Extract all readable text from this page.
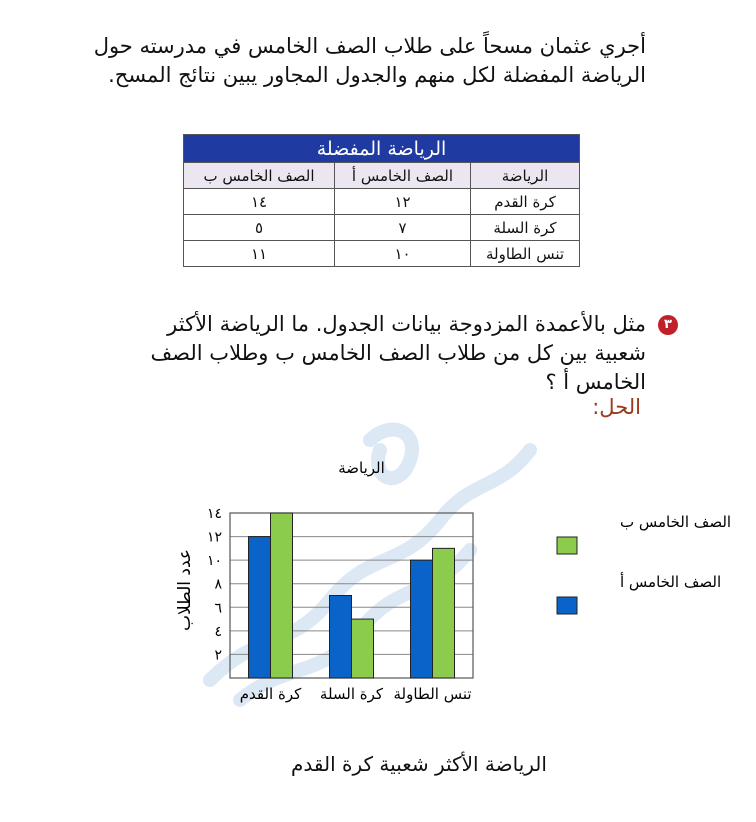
أجري عثمان مسحاً على طلاب الصف الخامس في مدرسته حول الرياضة المفضلة لكل منهم والجدول المجاور يبين نتائج المسح.
الرياضة المفضلة		
الرياضة	الصف الخامس أ	الصف الخامس ب
كرة القدم	١٢	١٤
كرة السلة	٧	٥
تنس الطاولة	١٠	١١
٣
مثل بالأعمدة المزدوجة بيانات الجدول. ما الرياضة الأكثر شعبية بين كل من طلاب الصف الخامس ب وطلاب الصف الخامس أ ؟
الحل:
الرياضة
٢
٤
٦
٨
١٠
١٢
١٤
عدد الطلاب
كرة القدم كرة السلة تنس الطاولة
الصف الخامس ب
الصف الخامس أ
الرياضة الأكثر شعبية كرة القدم
